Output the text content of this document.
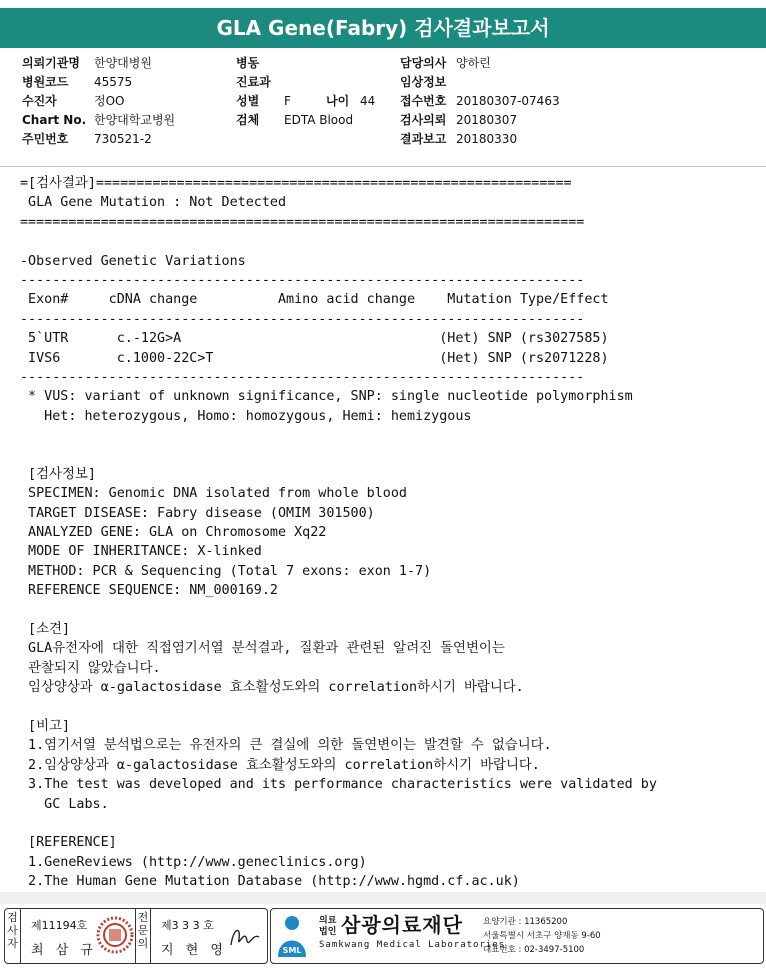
GLA Gene(Fabry) 검사결과보고서
의뢰기관명 한양대병원
병원코드 45575
수진자	정OO
Chart No. 한양대학교병원
주민번호 730521-2
병동
진료과
성별 F	나이 44
검체 EDTA Blood
담당의사 양하린
임상정보
접수번호 20180307-07463
검사의뢰 20180307
결과보고 20180330
=[검사결과]===========================================================
GLA Gene Mutation : Not Detected
======================================================================
-Observed Genetic Variations
----------------------------------------------------------------------
Exon#     cDNA change          Amino acid change    Mutation Type/Effect
----------------------------------------------------------------------
5`UTR      c.-12G>A                                (Het) SNP (rs3027585)
IVS6       c.1000-22C>T                            (Het) SNP (rs2071228)
----------------------------------------------------------------------
* VUS: variant of unknown significance, SNP: single nucleotide polymorphism
Het: heterozygous, Homo: homozygous, Hemi: hemizygous
[검사정보]
SPECIMEN: Genomic DNA isolated from whole blood
TARGET DISEASE: Fabry disease (OMIM 301500)
ANALYZED GENE: GLA on Chromosome Xq22
MODE OF INHERITANCE: X-linked
METHOD: PCR & Sequencing (Total 7 exons: exon 1-7)
REFERENCE SEQUENCE: NM_000169.2
[소견]
GLA유전자에 대한 직접염기서열 분석결과, 질환과 관련된 알려진 돌연변이는
관찰되지 않았습니다.
임상양상과 α-galactosidase 효소활성도와의 correlation하시기 바랍니다.
[비고]
1.염기서열 분석법으로는 유전자의 큰 결실에 의한 돌연변이는 발견할 수 없습니다.
2.임상양상과 α-galactosidase 효소활성도와의 correlation하시기 바랍니다.
3.The test was developed and its performance characteristics were validated by
GC Labs.
[REFERENCE]
1.GeneReviews (http://www.geneclinics.org)
2.The Human Gene Mutation Database (http://www.hgmd.cf.ac.uk)
검사자
제11194호
최 삼 규
전문의
제3 3 3 호
지 현 영	SML
의료
법인 삼광의료재단
Samkwang Medical Laboratories
요양기관 : 11365200
서울특별시 서초구 양재동 9-60
대표번호 : 02-3497-5100
